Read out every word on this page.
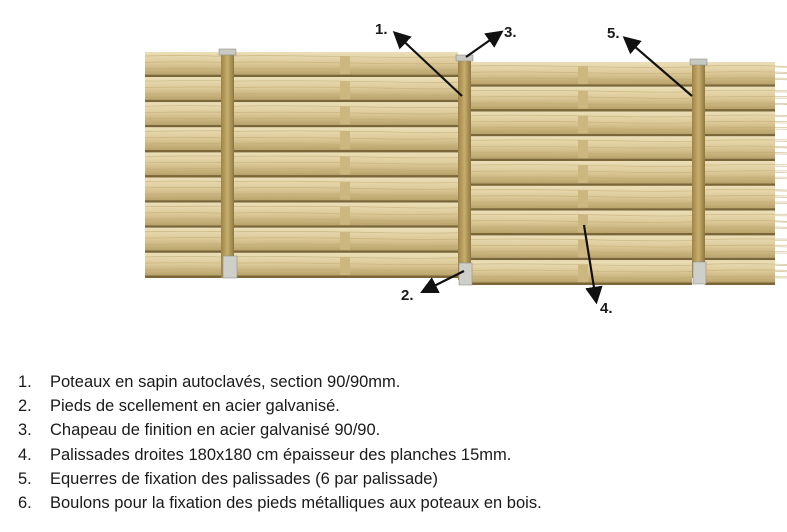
1.
2.
3.
4.
5.
1.	Poteaux en sapin autoclavés, section 90/90mm.
2.	Pieds de scellement en acier galvanisé.
3.	Chapeau de finition en acier galvanisé 90/90.
4.	Palissades droites 180x180 cm épaisseur des planches 15mm.
5.	Equerres de fixation des palissades (6 par palissade)
6.	Boulons pour la fixation des pieds métalliques aux poteaux en bois.
